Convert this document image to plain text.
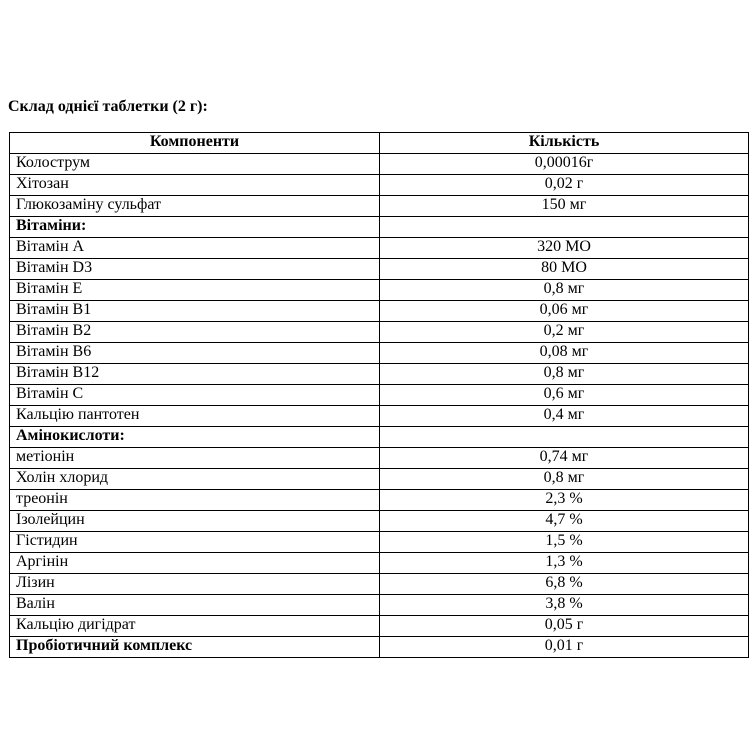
Склад однієї таблетки (2 г):
Компоненти	Кількість
Колострум	0,00016г
Хітозан	0,02 г
Глюкозаміну сульфат	150 мг
Вітаміни:	
Вітамін А	320 МО
Вітамін D3	80 МО
Вітамін Е	0,8 мг
Вітамін В1	0,06 мг
Вітамін В2	0,2 мг
Вітамін В6	0,08 мг
Вітамін В12	0,8 мг
Вітамін С	0,6 мг
Кальцію пантотен	0,4 мг
Амінокислоти:	
метіонін	0,74 мг
Холін хлорид	0,8 мг
треонін	2,3 %
Ізолейцин	4,7 %
Гістидин	1,5 %
Аргінін	1,3 %
Лізин	6,8 %
Валін	3,8 %
Кальцію дигідрат	0,05 г
Пробіотичний комплекс	0,01 г
